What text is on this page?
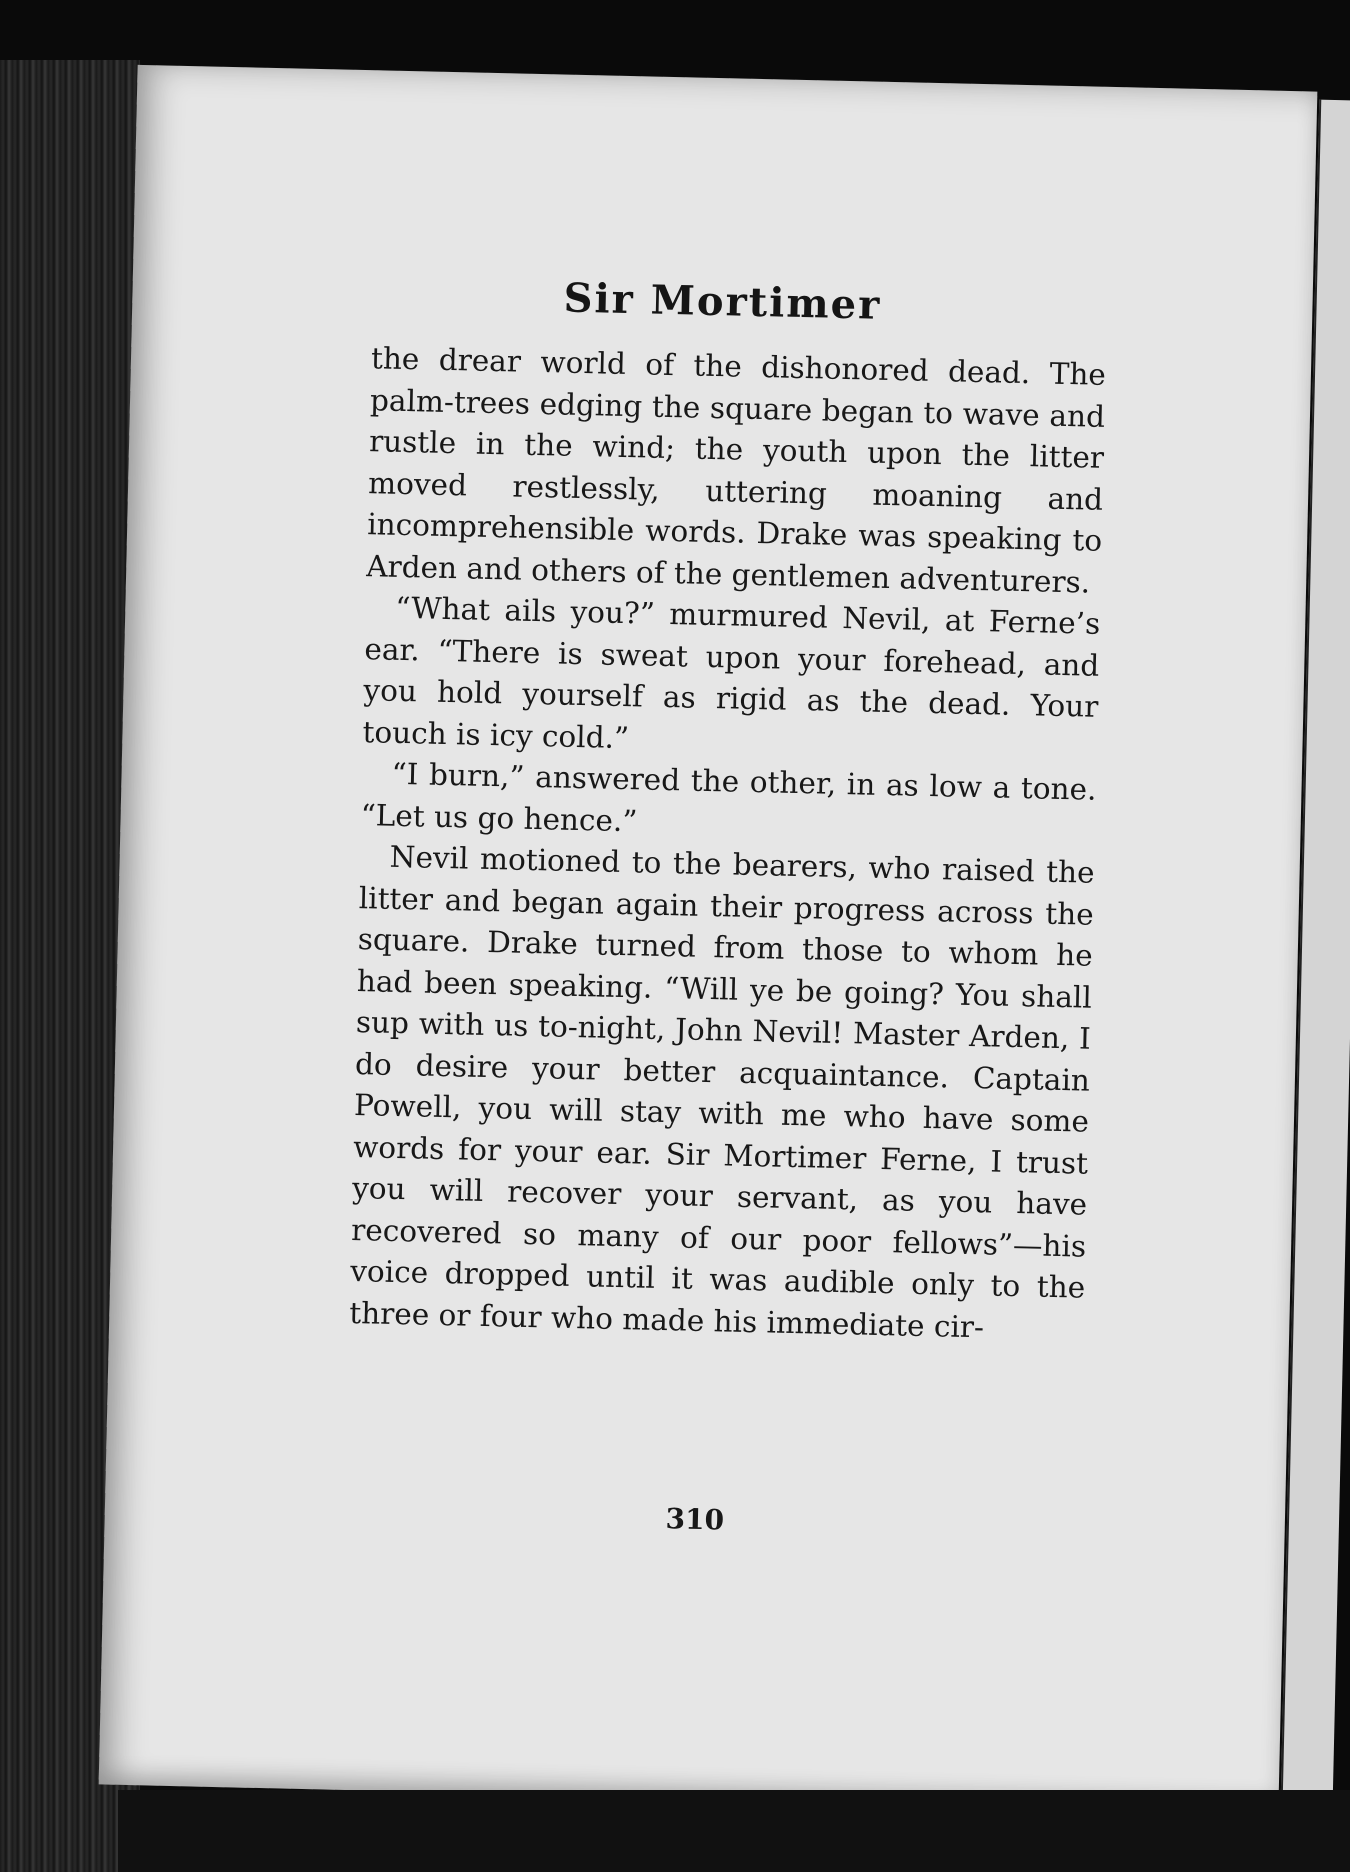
Sir Mortimer

the drear world of the dishonored dead. The palm-trees edging the square began to wave and rustle in the wind; the youth upon the litter moved restlessly, uttering moaning and incomprehensible words. Drake was speaking to Arden and others of the gentlemen adventurers.

“What ails you?” murmured Nevil, at Ferne’s ear. “There is sweat upon your forehead, and you hold yourself as rigid as the dead. Your touch is icy cold.”

“I burn,” answered the other, in as low a tone. “Let us go hence.”

Nevil motioned to the bearers, who raised the litter and began again their progress across the square. Drake turned from those to whom he had been speaking. “Will ye be going? You shall sup with us to-night, John Nevil! Master Arden, I do desire your better acquaintance. Captain Powell, you will stay with me who have some words for your ear. Sir Mortimer Ferne, I trust you will recover your servant, as you have recovered so many of our poor fellows”—his voice dropped until it was audible only to the three or four who made his immediate cir-

310
